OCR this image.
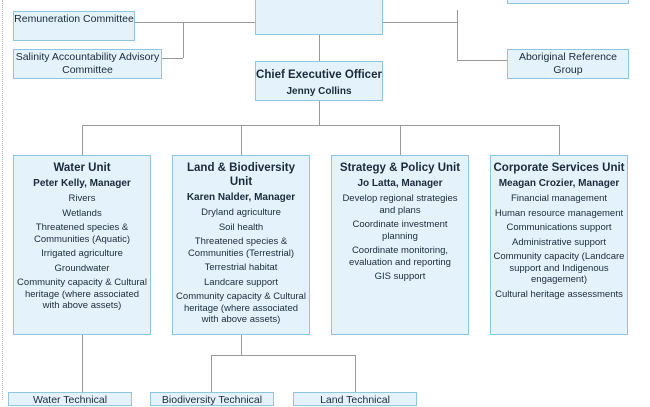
Remuneration Committee
Salinity Accountability Advisory Committee
Aboriginal Reference Group
Chief Executive Officer
Jenny Collins
Water Unit
Peter Kelly, Manager
Rivers
Wetlands
Threatened species & Communities (Aquatic)
Irrigated agriculture
Groundwater
Community capacity & Cultural heritage (where associated with above assets)
Land & Biodiversity Unit
Karen Nalder, Manager
Dryland agriculture
Soil health
Threatened species & Communities (Terrestrial)
Terrestrial habitat
Landcare support
Community capacity & Cultural heritage (where associated with above assets)
Strategy & Policy Unit
Jo Latta, Manager
Develop regional strategies and plans
Coordinate investment planning
Coordinate monitoring, evaluation and reporting
GIS support
Corporate Services Unit
Meagan Crozier, Manager
Financial management
Human resource management
Communications support
Administrative support
Community capacity (Landcare support and Indigenous engagement)
Cultural heritage assessments
Water Technical	Biodiversity Technical	Land Technical
